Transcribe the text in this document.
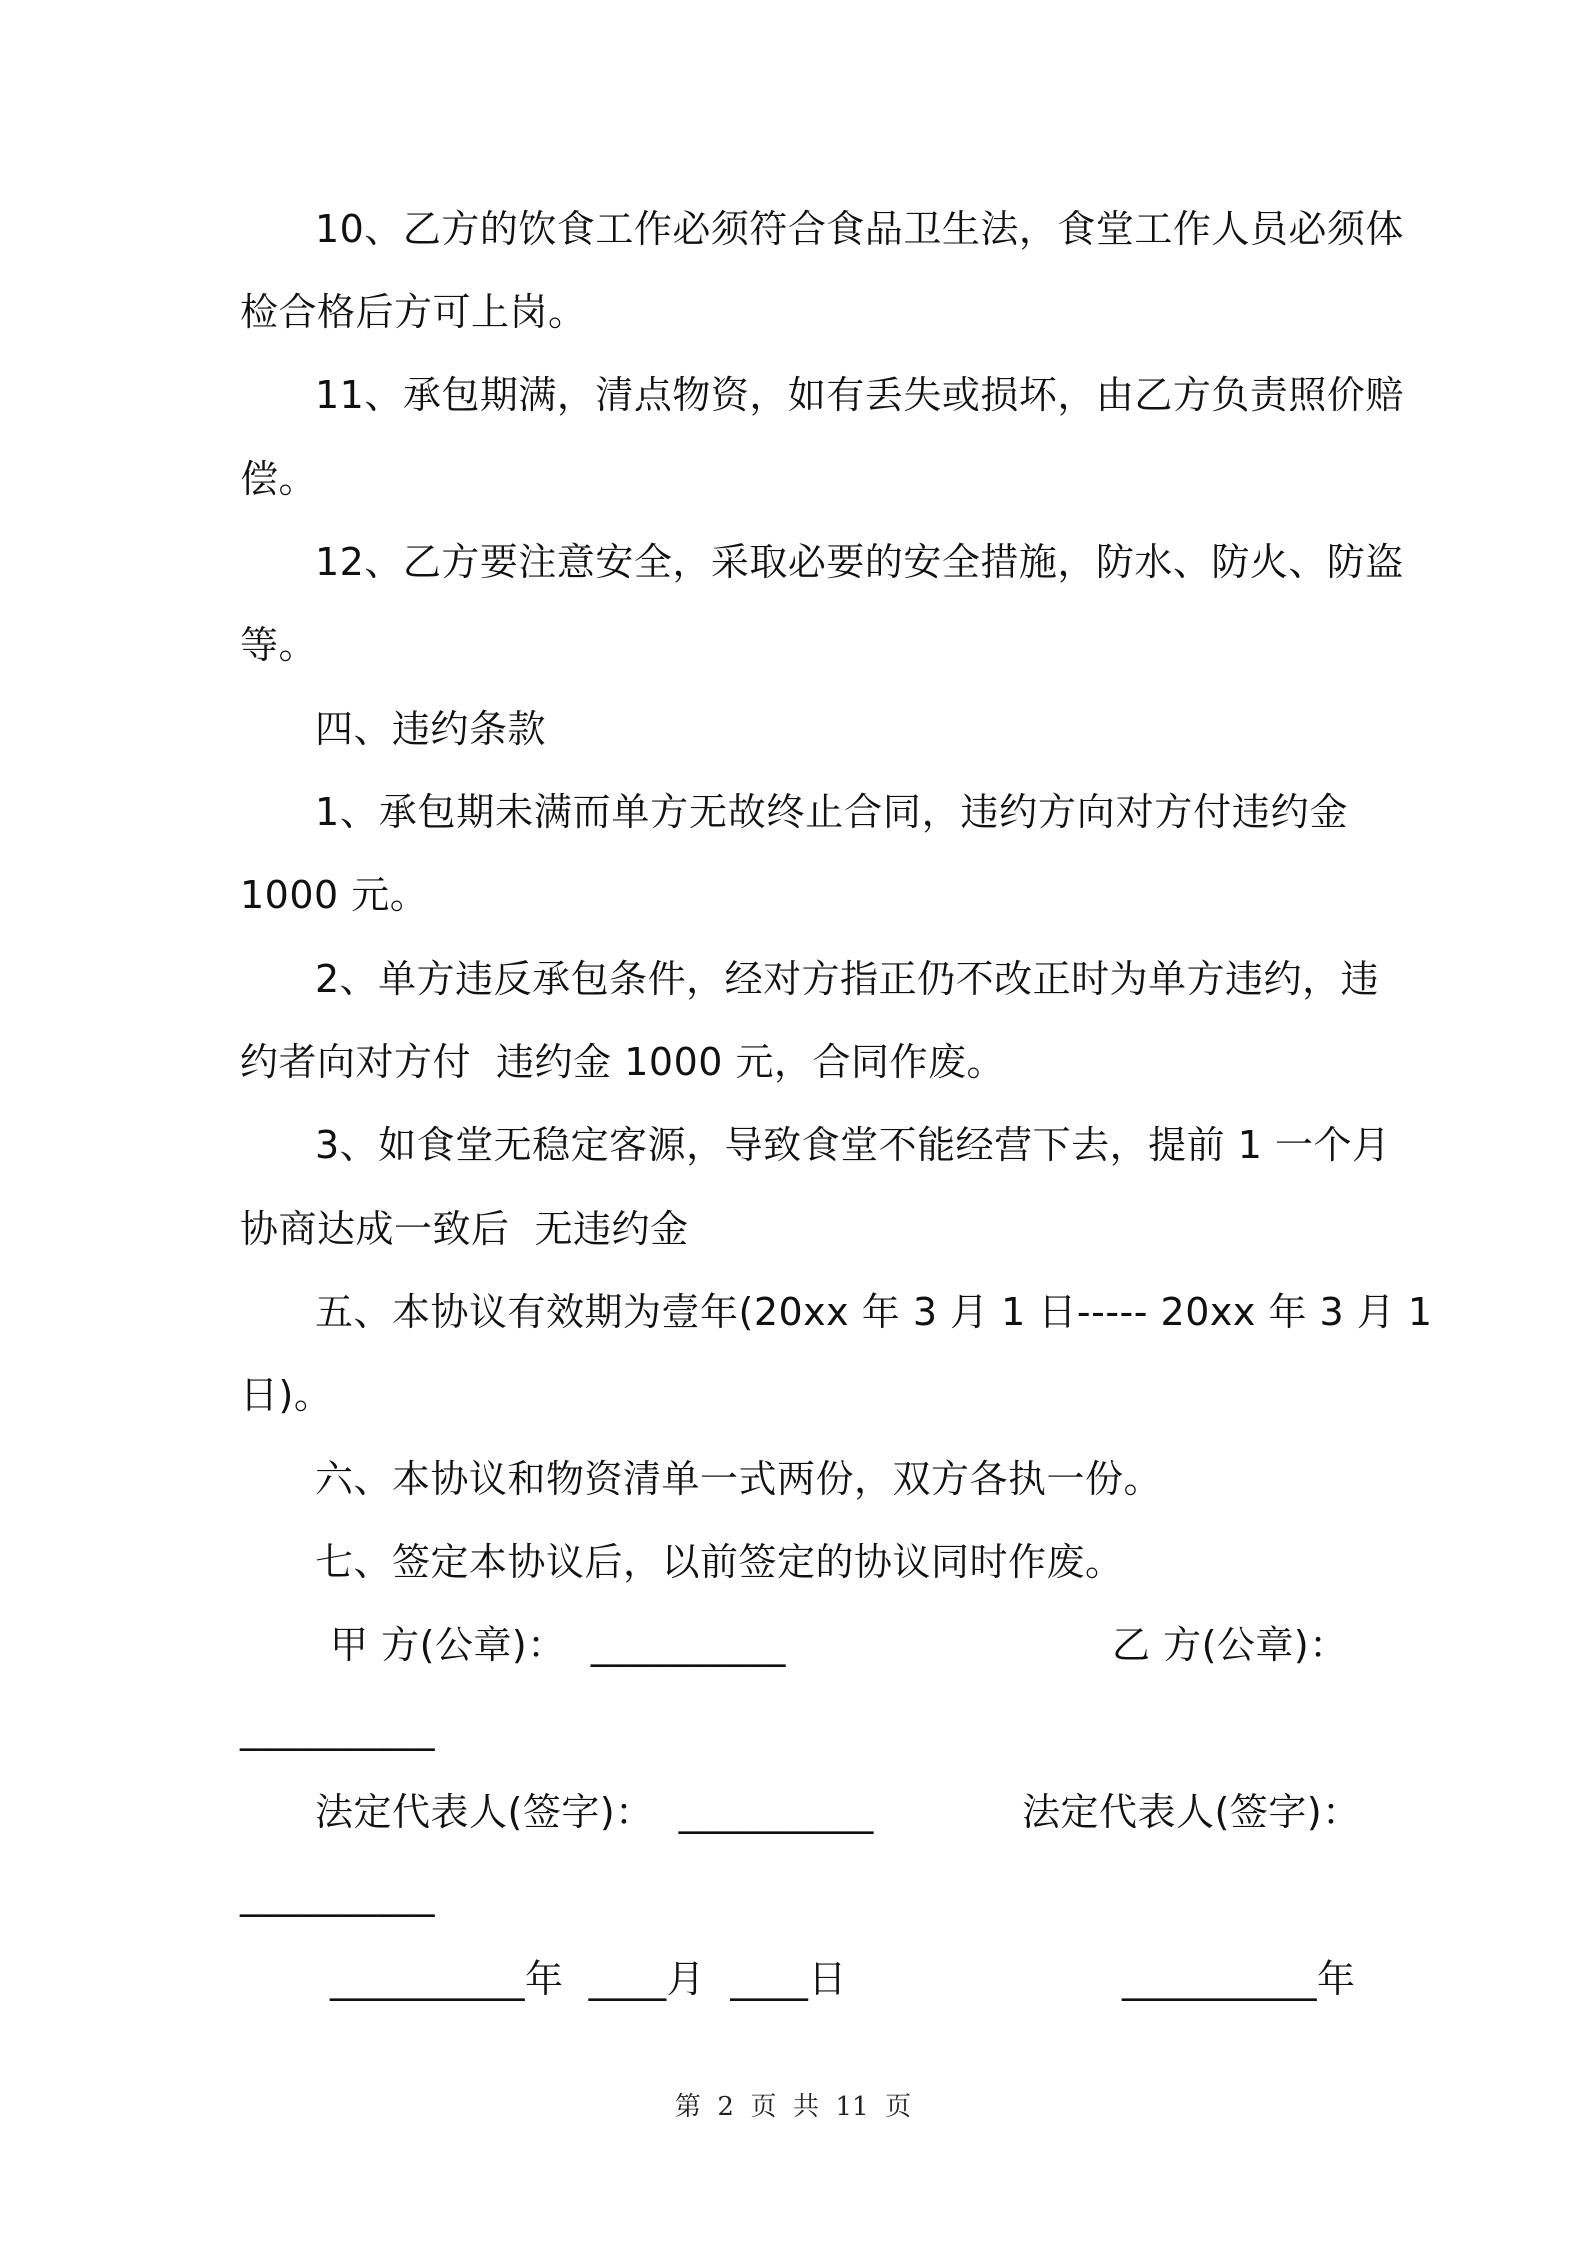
10、乙方的饮食工作必须符合食品卫生法，食堂工作人员必须体
检合格后方可上岗。
11、承包期满，清点物资，如有丢失或损坏，由乙方负责照价赔
偿。
12、乙方要注意安全，采取必要的安全措施，防水、防火、防盗
等。
四、违约条款
1、承包期未满而单方无故终止合同，违约方向对方付违约金
1000 元。
2、单方违反承包条件，经对方指正仍不改正时为单方违约，违
约者向对方付  违约金 1000 元，合同作废。
3、如食堂无稳定客源，导致食堂不能经营下去，提前 1 一个月
协商达成一致后  无违约金
五、本协议有效期为壹年(20xx 年 3 月 1 日----- 20xx 年 3 月 1
日)。
六、本协议和物资清单一式两份，双方各执一份。
七、签定本协议后，以前签定的协议同时作废。
甲 方(公章)：  __________	乙 方(公章)：
__________
法定代表人(签字)：  __________	法定代表人(签字)：
__________
__________年  ____月  ____日	__________年
第  2  页  共  11  页
